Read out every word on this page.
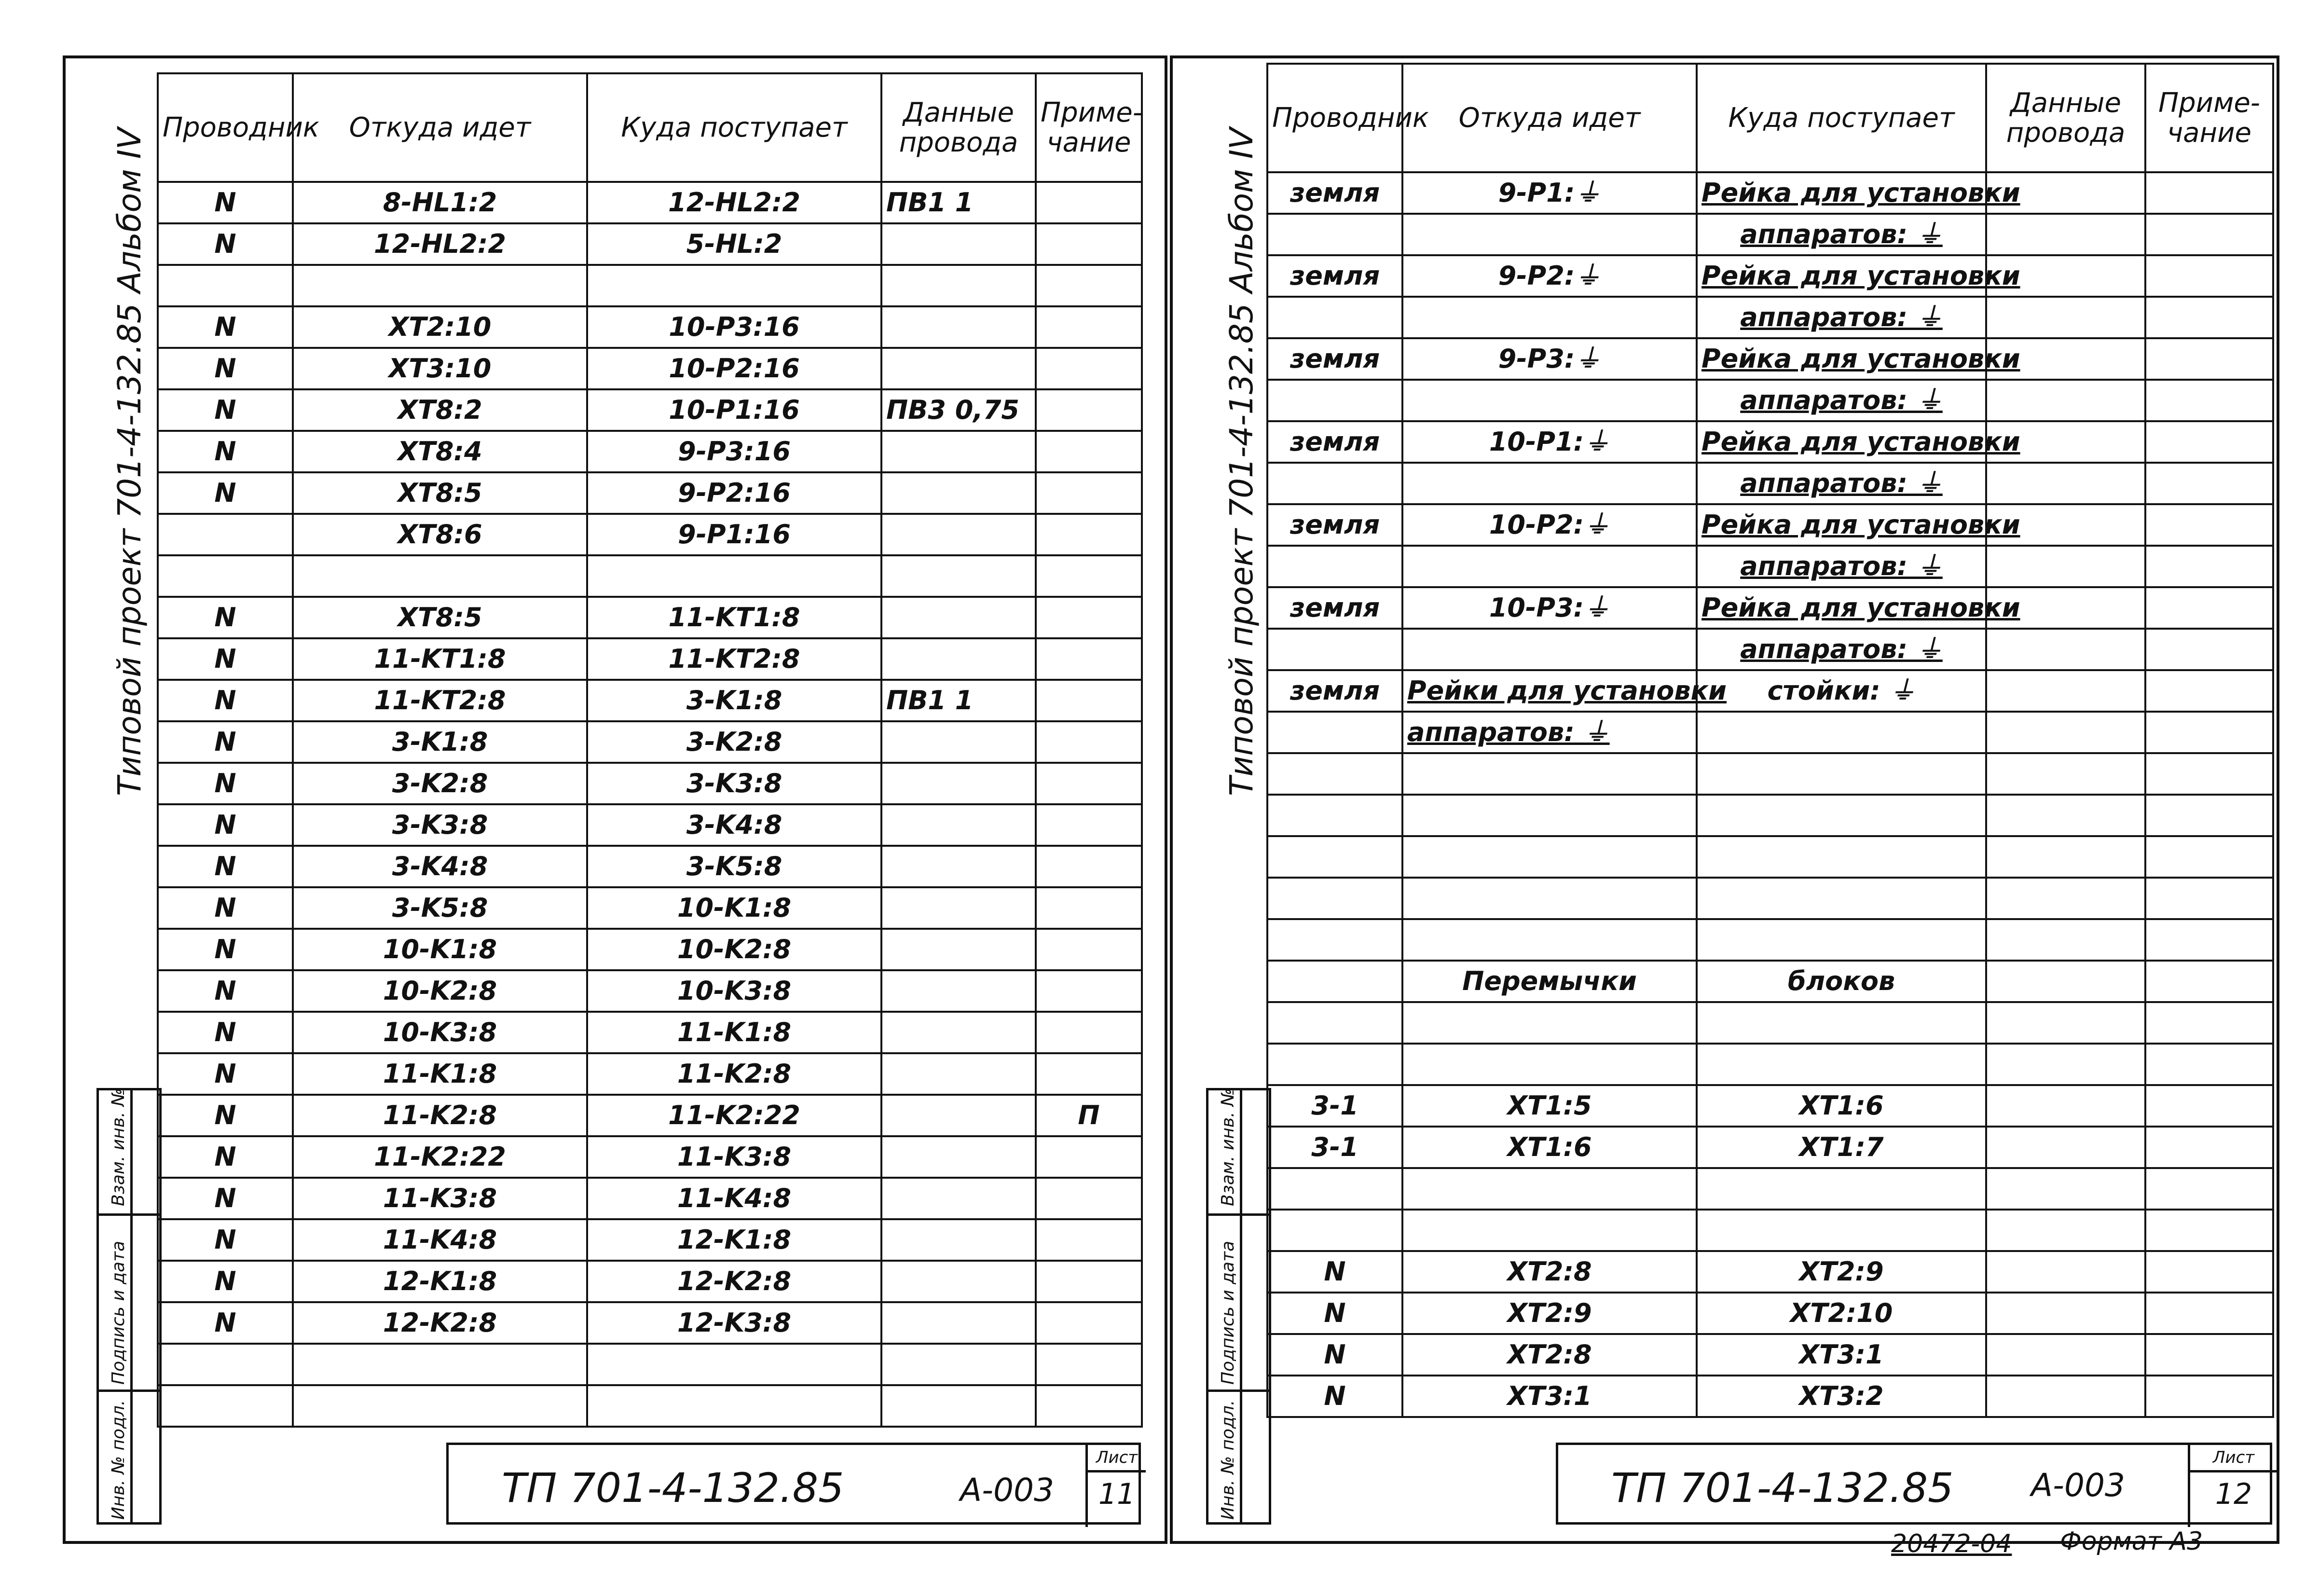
Типовой проект 701-4-132.85 Альбом IV
Проводник	Откуда идет	Куда поступает	Данные провода	Приме- чание
N	8-HL1:2	12-HL2:2	ПВ1 1	
N	12-HL2:2	5-HL:2		

N	XT2:10	10-P3:16		
N	XT3:10	10-P2:16		
N	XT8:2	10-P1:16	ПВ3 0,75	
N	XT8:4	9-P3:16		
N	XT8:5	9-P2:16		
	XT8:6	9-P1:16		

N	XT8:5	11-KT1:8		
N	11-KT1:8	11-KT2:8		
N	11-KT2:8	3-K1:8	ПВ1 1	
N	3-K1:8	3-K2:8		
N	3-K2:8	3-K3:8		
N	3-K3:8	3-K4:8		
N	3-K4:8	3-K5:8		
N	3-K5:8	10-K1:8		
N	10-K1:8	10-K2:8		
N	10-K2:8	10-K3:8		
N	10-K3:8	11-K1:8		
N	11-K1:8	11-K2:8		
N	11-K2:8	11-K2:22		П
N	11-K2:22	11-K3:8		
N	11-K3:8	11-K4:8		
N	11-K4:8	12-K1:8		
N	12-K1:8	12-K2:8		
N	12-K2:8	12-K3:8		

Инв. № подл.
Подпись и дата
Взам. инв. №
ТП 701-4-132.85	А-003
Лист
11
Типовой проект 701-4-132.85 Альбом IV
Проводник	Откуда идет	Куда поступает	Данные провода	Приме- чание
земля	9-P1:⏚	Рейка для установки		
		аппаратов: ⏚		
земля	9-P2:⏚	Рейка для установки		
		аппаратов: ⏚		
земля	9-P3:⏚	Рейка для установки		
		аппаратов: ⏚		
земля	10-P1:⏚	Рейка для установки		
		аппаратов: ⏚		
земля	10-P2:⏚	Рейка для установки		
		аппаратов: ⏚		
земля	10-P3:⏚	Рейка для установки		
		аппаратов: ⏚		
земля	Рейки для установки	стойки: ⏚		
	аппаратов: ⏚			

	Перемычки	блоков		

3-1	XT1:5	XT1:6		
3-1	XT1:6	XT1:7		

N	XT2:8	XT2:9		
N	XT2:9	XT2:10		
N	XT2:8	XT3:1		
N	XT3:1	XT3:2		
Инв. № подл.
Подпись и дата
Взам. инв. №
ТП 701-4-132.85 А-003
Лист
12
20472-04 Формат А3
